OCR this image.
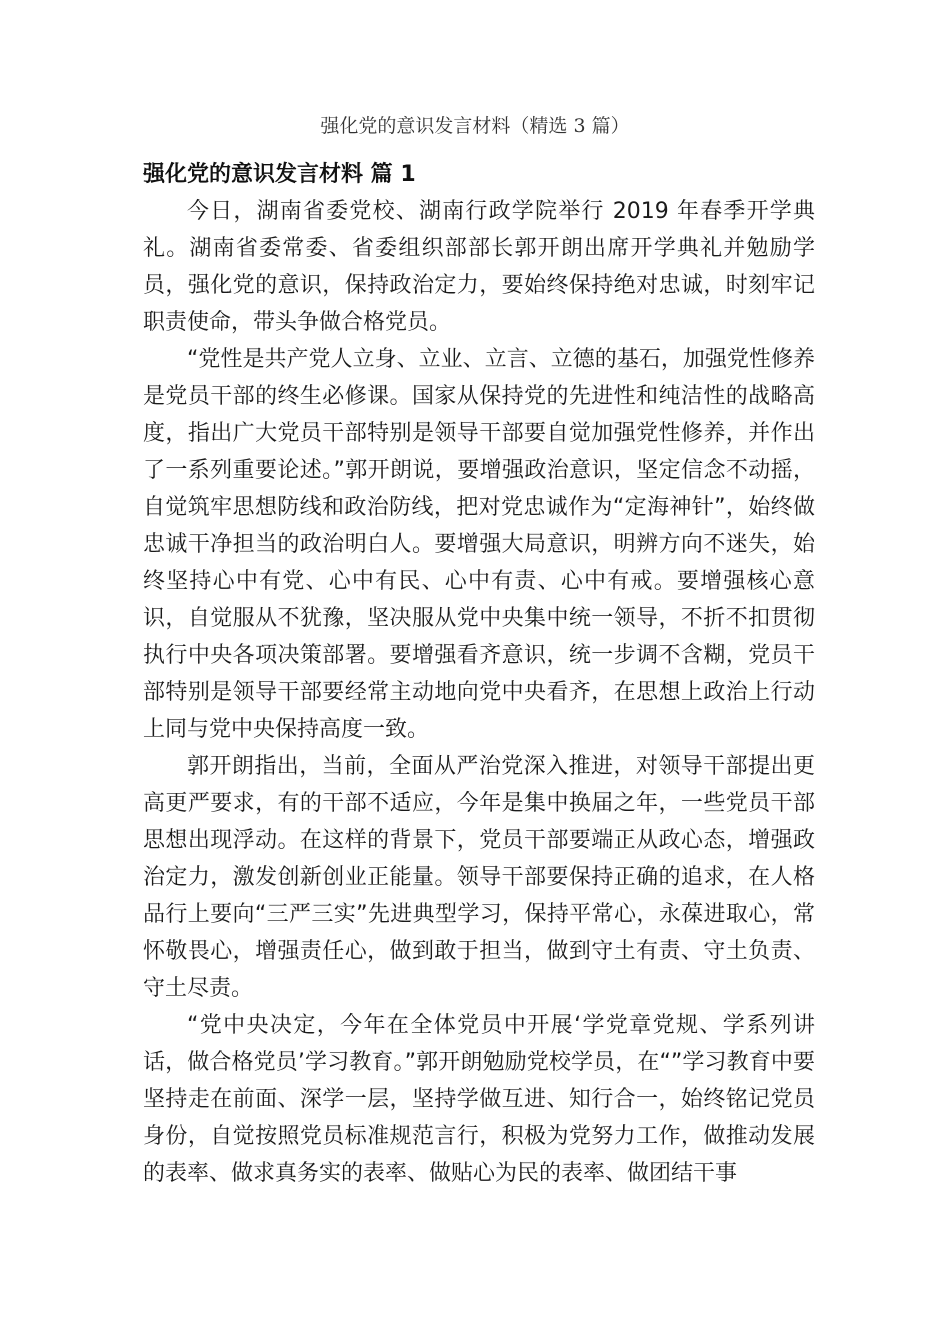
强化党的意识发言材料（精选 3 篇）
强化党的意识发言材料 篇 1

今日，湖南省委党校、湖南行政学院举行 2019 年春季开学典礼。湖南省委常委、省委组织部部长郭开朗出席开学典礼并勉励学员，强化党的意识，保持政治定力，要始终保持绝对忠诚，时刻牢记职责使命，带头争做合格党员。

“党性是共产党人立身、立业、立言、立德的基石，加强党性修养是党员干部的终生必修课。国家从保持党的先进性和纯洁性的战略高度，指出广大党员干部特别是领导干部要自觉加强党性修养，并作出了一系列重要论述。”郭开朗说，要增强政治意识，坚定信念不动摇，自觉筑牢思想防线和政治防线，把对党忠诚作为“定海神针”，始终做忠诚干净担当的政治明白人。要增强大局意识，明辨方向不迷失，始终坚持心中有党、心中有民、心中有责、心中有戒。要增强核心意识，自觉服从不犹豫，坚决服从党中央集中统一领导，不折不扣贯彻执行中央各项决策部署。要增强看齐意识，统一步调不含糊，党员干部特别是领导干部要经常主动地向党中央看齐，在思想上政治上行动上同与党中央保持高度一致。

郭开朗指出，当前，全面从严治党深入推进，对领导干部提出更高更严要求，有的干部不适应，今年是集中换届之年，一些党员干部思想出现浮动。在这样的背景下，党员干部要端正从政心态，增强政治定力，激发创新创业正能量。领导干部要保持正确的追求，在人格品行上要向“三严三实”先进典型学习，保持平常心，永葆进取心，常怀敬畏心，增强责任心，做到敢于担当，做到守土有责、守土负责、守土尽责。

“党中央决定，今年在全体党员中开展‘学党章党规、学系列讲话，做合格党员’学习教育。”郭开朗勉励党校学员，在“”学习教育中要坚持走在前面、深学一层，坚持学做互进、知行合一，始终铭记党员身份，自觉按照党员标准规范言行，积极为党努力工作，做推动发展的表率、做求真务实的表率、做贴心为民的表率、做团结干事
